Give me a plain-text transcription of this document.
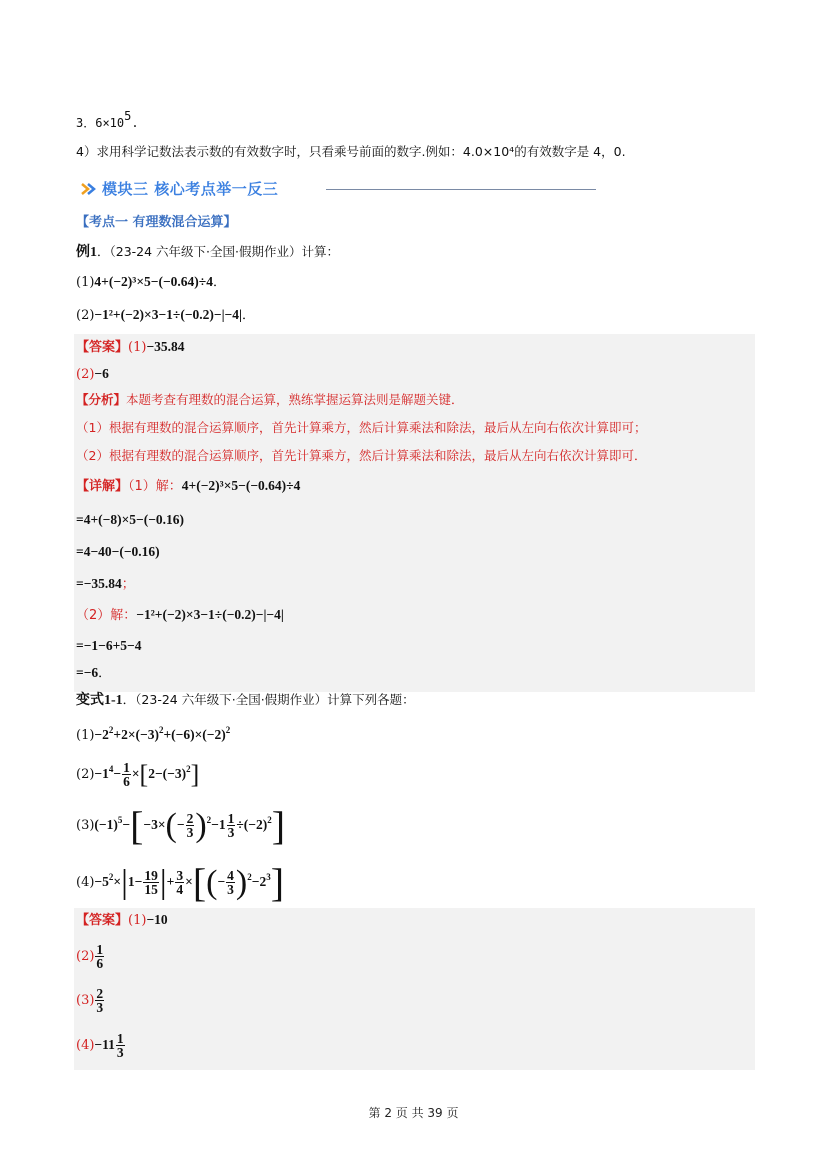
3．6×105.
4）求用科学记数法表示数的有效数字时，只看乘号前面的数字.例如：4.0×10⁴的有效数字是 4，0.
模块三 核心考点举一反三
【考点一 有理数混合运算】
例1．（23-24 六年级下·全国·假期作业）计算：
(1)4+(−2)³×5−(−0.64)÷4．
(2)−1²+(−2)×3−1÷(−0.2)−|−4|．
【答案】(1)−35.84
(2)−6
【分析】本题考查有理数的混合运算，熟练掌握运算法则是解题关键．
（1）根据有理数的混合运算顺序，首先计算乘方，然后计算乘法和除法，最后从左向右依次计算即可；
（2）根据有理数的混合运算顺序，首先计算乘方，然后计算乘法和除法，最后从左向右依次计算即可．
【详解】（1）解：4+(−2)³×5−(−0.64)÷4
=4+(−8)×5−(−0.16)
=4−40−(−0.16)
=−35.84；
（2）解：−1²+(−2)×3−1÷(−0.2)−|−4|
=−1−6+5−4
=−6．
变式1-1．（23-24 六年级下·全国·假期作业）计算下列各题：
$(1)-2^2+2\times(-3)^2+(-6)\times(-2)^2$
$(2)-1^4- \frac{1}{6} \times[2-(-3)^2]$
$(3)(-1)^5-[-3\times(- \frac{2}{3} )^2-1 \frac{1}{3} \div(-2)^2]$
$(4)-5^2\times|1- \frac{19}{15}$ |+ $\frac{3}{4}$ ×[(− $\frac{4}{3} )^2-2^3$]
【答案】(1)−10
$(2) \frac{1}{6}$
$(3) \frac{2}{3}$
$(4)-11 \frac{1}{3}$
第 2 页 共 39 页
